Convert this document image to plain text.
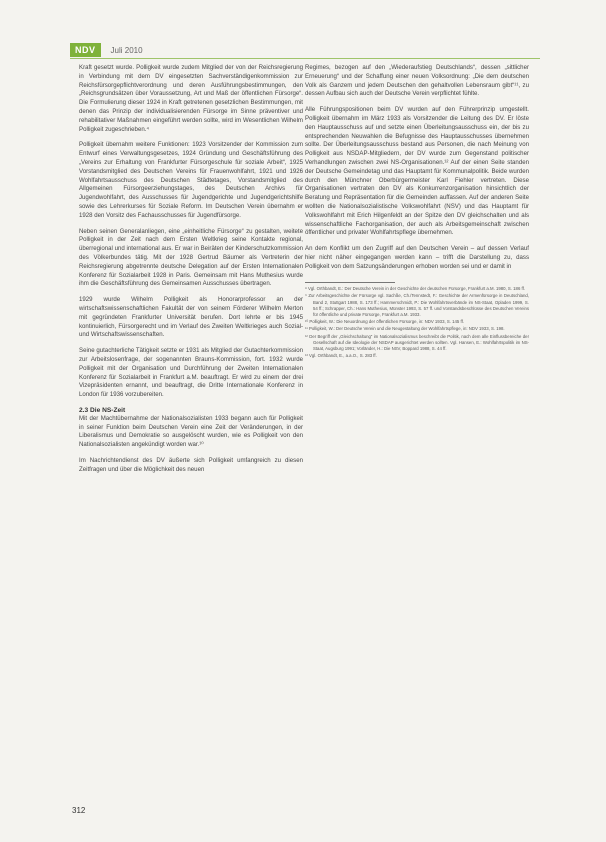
NDV	Juli 2010

Kraft gesetzt wurde. Polligkeit wurde zudem Mitglied der von der Reichsregierung in Verbindung mit dem DV eingesetzten Sachverständigenkommission zur Reichsfürsorgepflichtverordnung und deren Ausführungsbestimmungen, den „Reichsgrundsätzen über Voraussetzung, Art und Maß der öffentlichen Fürsorge“. Die Formulierung dieser 1924 in Kraft getretenen gesetzlichen Bestimmungen, mit denen das Prinzip der individualisierenden Fürsorge im Sinne präventiver und rehabilitativer Maßnahmen eingeführt werden sollte, wird im Wesentlichen Wilhelm Polligkeit zugeschrieben.⁴

Polligkeit übernahm weitere Funktionen: 1923 Vorsitzender der Kommission zum Entwurf eines Verwaltungsgesetzes, 1924 Gründung und Geschäftsführung des „Vereins zur Erhaltung von Frankfurter Fürsorgeschule für soziale Arbeit“, 1925 Vorstandsmitglied des Deutschen Vereins für Frauenwohlfahrt, 1921 und 1926 Wohlfahrtsausschuss des Deutschen Städtetages, Vorstandsmitglied des Allgemeinen Fürsorgeerziehungstages, des Deutschen Archivs für Jugendwohlfahrt, des Ausschusses für Jugendgerichte und Jugendgerichtshilfe sowie des Lehrerkurses für Soziale Reform. Im Deutschen Verein übernahm er 1928 den Vorsitz des Fachausschusses für Jugendfürsorge.

Neben seinen Generalanliegen, eine „einheitliche Fürsorge“ zu gestalten, weitete Polligkeit in der Zeit nach dem Ersten Weltkrieg seine Kontakte regional, überregional und international aus. Er war in Beiräten der Kinderschutzkommission des Völkerbundes tätig. Mit der 1928 Gertrud Bäumer als Vertreterin der Reichsregierung abgetrennte deutsche Delegation auf der Ersten Internationalen Konferenz für Sozialarbeit 1928 in Paris. Gemeinsam mit Hans Muthesius wurde ihm die Geschäftsführung des Gemeinsamen Ausschusses übertragen.

1929 wurde Wilhelm Polligkeit als Honorarprofessor an der wirtschaftswissenschaftlichen Fakultät der von seinem Förderer Wilhelm Merton mit gegründeten Frankfurter Universität berufen. Dort lehrte er bis 1945 kontinuierlich, Fürsorgerecht und im Verlauf des Zweiten Weltkrieges auch Sozial- und Wirtschaftswissenschaften.

Seine gutachterliche Tätigkeit setzte er 1931 als Mitglied der Gutachterkommission zur Arbeitslosenfrage, der sogenannten Brauns-Kommission, fort. 1932 wurde Polligkeit mit der Organisation und Durchführung der Zweiten Internationalen Konferenz für Sozialarbeit in Frankfurt a.M. beauftragt. Er wird zu einem der drei Vizepräsidenten ernannt, und beauftragt, die Dritte Internationale Konferenz in London für 1936 vorzubereiten.

2.3 Die NS-Zeit

Mit der Machtübernahme der Nationalsozialisten 1933 begann auch für Polligkeit in seiner Funktion beim Deutschen Verein eine Zeit der Veränderungen, in der Liberalismus und Demokratie so ausgelöscht wurden, wie es Polligkeit von den Nationalsozialisten angekündigt worden war.¹⁰

Im Nachrichtendienst des DV äußerte sich Polligkeit umfangreich zu diesen Zeitfragen und über die Möglichkeit des neuen

Regimes, bezogen auf den „Wiederaufstieg Deutschlands“, dessen „sittlicher Erneuerung“ und der Schaffung einer neuen Volksordnung: „Die dem deutschen Volk als Ganzem und jedem Deutschen den gehaltvollen Lebensraum gibt“¹¹, zu dessen Aufbau sich auch der Deutsche Verein verpflichtet fühlte.

Alle Führungspositionen beim DV wurden auf den Führerprinzip umgestellt. Polligkeit übernahm im März 1933 als Vorsitzender die Leitung des DV. Er löste den Hauptausschuss auf und setzte einen Überleitungsausschuss ein, der bis zu entsprechenden Neuwahlen die Befugnisse des Hauptausschusses übernehmen sollte. Der Überleitungsausschuss bestand aus Personen, die nach Meinung von Polligkeit aus NSDAP-Mitgliedern, der DV wurde zum Gegenstand politischer Verhandlungen zwischen zwei NS-Organisationen.¹² Auf der einen Seite standen der Deutsche Gemeindetag und das Hauptamt für Kommunalpolitik. Beide wurden durch den Münchner Oberbürgermeister Karl Fiehler vertreten. Diese Organisationen vertraten den DV als Konkurrenzorganisation hinsichtlich der Beratung und Repräsentation für die Gemeinden auffassen. Auf der anderen Seite wollten die Nationalsozialistische Volkswohlfahrt (NSV) und das Hauptamt für Volkswohlfahrt mit Erich Hilgenfeldt an der Spitze den DV gleichschalten und als wissenschaftliche Fachorganisation, der auch als Arbeitsgemeinschaft zwischen öffentlicher und privater Wohlfahrtspflege übernehmen.

An dem Konflikt um den Zugriff auf den Deutschen Verein – auf dessen Verlauf hier nicht näher eingegangen werden kann – trifft die Darstellung zu, dass Polligkeit von dem Satzungsänderungen erhoben worden sei und er damit in

⁸ Vgl. Orthbandt, E.: Der Deutsche Verein in der Geschichte der deutschen Fürsorge, Frankfurt a.M. 1980, S. 186 ff.

⁹ Zur Arbeitsgeschichte der Fürsorge vgl. Sachße, Ch./Tennstedt, F.: Geschichte der Armenfürsorge in Deutschland, Band 2, Stuttgart 1988, S. 173 ff.; Hammerschmidt, P.: Die Wohlfahrtsverbände im NS-Staat, Opladen 1999, S. 54 ff.; Schrapper, Ch.: Hans Muthesius, Münster 1993, S. 57 ff. und Vorstandsbeschlüsse des Deutschen Vereins für öffentliche und private Fürsorge, Frankfurt a.M. 1933.

¹⁰ Polligkeit, W.: Die Neuordnung der öffentlichen Fürsorge, in: NDV 1933, S. 145 ff.

¹¹ Polligkeit, W.: Der Deutsche Verein und die Neugestaltung der Wohlfahrtspflege, in: NDV 1933, S. 198.

¹² Der Begriff der „Gleichschaltung“ im Nationalsozialismus beschreibt die Politik, nach dem alle Einflussbereiche der Gesellschaft auf die Ideologie der NSDAP ausgerichtet werden sollten. Vgl. Hansen, E.: Wohlfahrtspolitik im NS-Staat, Augsburg 1991; Vorländer, H.: Die NSV, Boppard 1988, S. 44 ff.

¹³ Vgl. Orthbandt, E., a.a.O., S. 283 ff.

312
